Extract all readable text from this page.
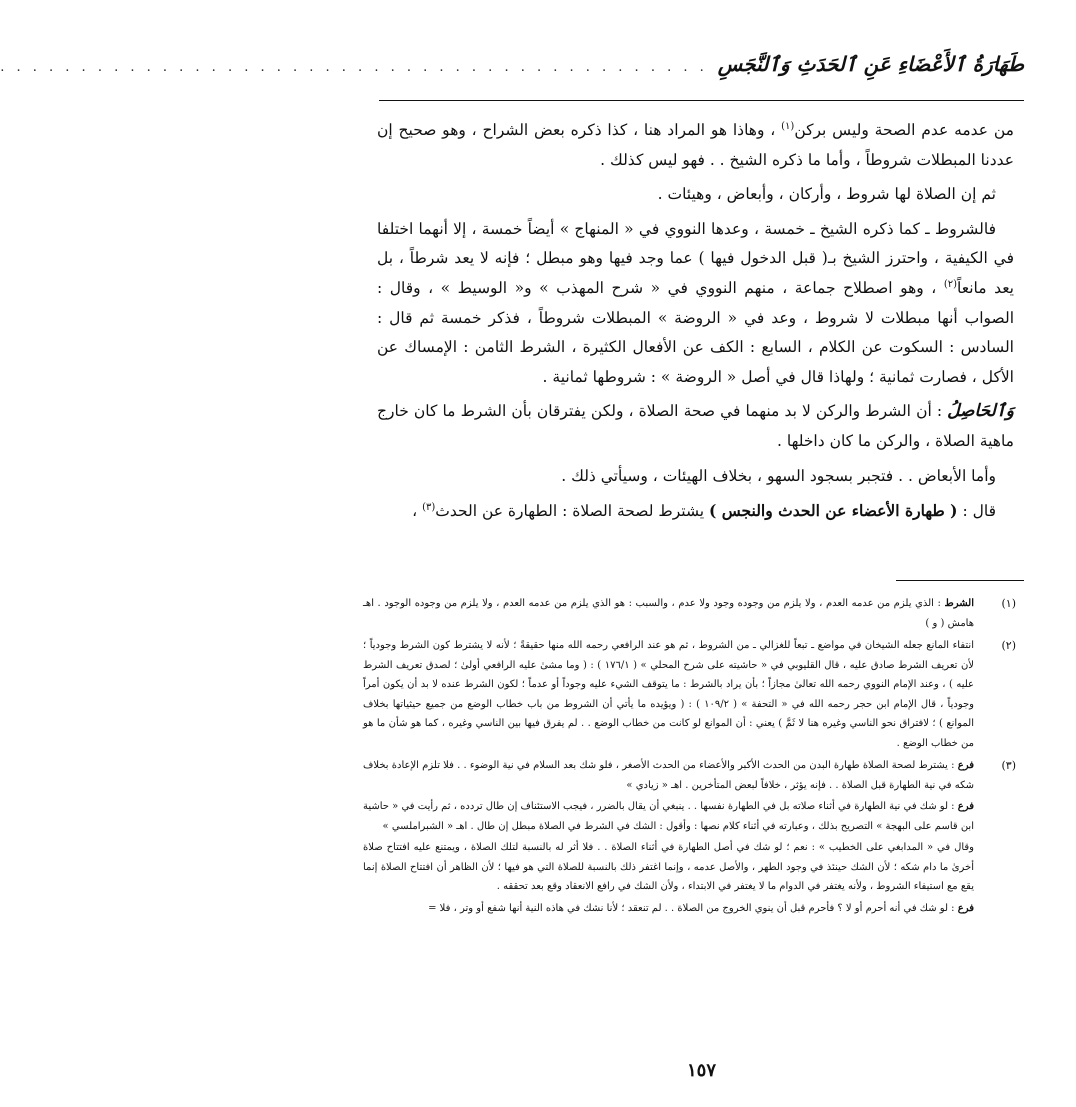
طَهَارَةُ ٱلأَعْضَاءِ عَنِ ٱلحَدَثِ وَٱلنَّجَسِ
. . . . . . . . . . . . . . . . . . . . . . . . . . . . . . . . . . . . . . . . . . . .

من عدمه عدم الصحة وليس بركن$^{(١)}$ ، وهاذا هو المراد هنا ، كذا ذكره بعض الشراح ، وهو صحيح إن عددنا المبطلات شروطاً ، وأما ما ذكره الشيخ . . فهو ليس كذلك .

ثم إن الصلاة لها شروط ، وأركان ، وأبعاض ، وهيئات .

فالشروط ـ كما ذكره الشيخ ـ خمسة ، وعدها النووي في « المنهاج » أيضاً خمسة ، إلا أنهما اختلفا في الكيفية ، واحترز الشيخ بـ( قبل الدخول فيها ) عما وجد فيها وهو مبطل ؛ فإنه لا يعد شرطاً ، بل يعد مانعاً$^{(٢)}$ ، وهو اصطلاح جماعة ، منهم النووي في « شرح المهذب » و« الوسيط » ، وقال : الصواب أنها مبطلات لا شروط ، وعد في « الروضة » المبطلات شروطاً ، فذكر خمسة ثم قال : السادس : السكوت عن الكلام ، السابع : الكف عن الأفعال الكثيرة ، الشرط الثامن : الإمساك عن الأكل ، فصارت ثمانية ؛ ولهاذا قال في أصل « الروضة » : شروطها ثمانية .

وَٱلحَاصِلُ : أن الشرط والركن لا بد منهما في صحة الصلاة ، ولكن يفترقان بأن الشرط ما كان خارج ماهية الصلاة ، والركن ما كان داخلها .

وأما الأبعاض . . فتجبر بسجود السهو ، بخلاف الهيئات ، وسيأتي ذلك .

قال : ( طهارة الأعضاء عن الحدث والنجس ) يشترط لصحة الصلاة : الطهارة عن الحدث$^{(٣)}$ ،

(١)

الشرط : الذي يلزم من عدمه العدم ، ولا يلزم من وجوده وجود ولا عدم ، والسبب : هو الذي يلزم من عدمه العدم ، ولا يلزم من وجوده الوجود . اهـ هامش ( و )

(٢)

انتفاء المانع جعله الشيخان في مواضع ـ تبعاً للغزالي ـ من الشروط ، ثم هو عند الرافعي رحمه الله منها حقيقةً ؛ لأنه لا يشترط كون الشرط وجودياً ؛ لأن تعريف الشرط صادق عليه ، قال القليوبي في « حاشيته على شرح المحلي » ( ١٧٦/١ ) : ( وما مشىٰ عليه الرافعي أولىٰ ؛ لصدق تعريف الشرط عليه ) ، وعند الإمام النووي رحمه الله تعالىٰ مجازاً ؛ بأن يراد بالشرط : ما يتوقف الشيء عليه وجوداً أو عدماً ؛ لكون الشرط عنده لا بد أن يكون أمراً وجودياً ، قال الإمام ابن حجر رحمه الله في « التحفة » ( ١٠٩/٢ ) : ( ويؤيده ما يأتي أن الشروط من باب خطاب الوضع من جميع حيثياتها بخلاف الموانع ) ؛ لافتراق نحو الناسي وغيره هنا لا ثَمَّ ) يعني : أن الموانع لو كانت من خطاب الوضع . . لم يفرق فيها بين الناسي وغيره ، كما هو شأن ما هو من خطاب الوضع .

(٣)

فرع : يشترط لصحة الصلاة طهارة البدن من الحدث الأكبر والأعضاء من الحدث الأصغر ، فلو شك بعد السلام في نية الوضوء . . فلا تلزم الإعادة بخلاف شكه في نية الطهارة قبل الصلاة . . فإنه يؤثر ، خلافاً لبعض المتأخرين . اهـ « زيادي »

فرع : لو شك في نية الطهارة في أثناء صلاته بل في الطهارة نفسها . . ينبغي أن يقال بالضرر ، فيجب الاستئناف إن طال تردده ، ثم رأيت في « حاشية ابن قاسم على البهجة » التصريح بذلك ، وعبارته في أثناء كلام نصها : وأقول : الشك في الشرط في الصلاة مبطل إن طال . اهـ « الشبراملسي »

وقال في « المدابغي على الخطيب » : نعم ؛ لو شك في أصل الطهارة في أثناء الصلاة . . فلا أثر له بالنسبة لتلك الصلاة ، ويمتنع عليه افتتاح صلاة أخرىٰ ما دام شكه ؛ لأن الشك حينئذ في وجود الطهر ، والأصل عدمه ، وإنما اغتفر ذلك بالنسبة للصلاة التي هو فيها ؛ لأن الظاهر أن افتتاح الصلاة إنما يقع مع استيفاء الشروط ، ولأنه يغتفر في الدوام ما لا يغتفر في الابتداء ، ولأن الشك في رافع الانعقاد وقع بعد تحققه .

فرع : لو شك في أنه أحرم أو لا ؟ فأحرم قبل أن ينوي الخروج من الصلاة . . لم تنعقد ؛ لأنا نشك في هاذه النية أنها شفع أو وتر ، فلا =

١٥٧
